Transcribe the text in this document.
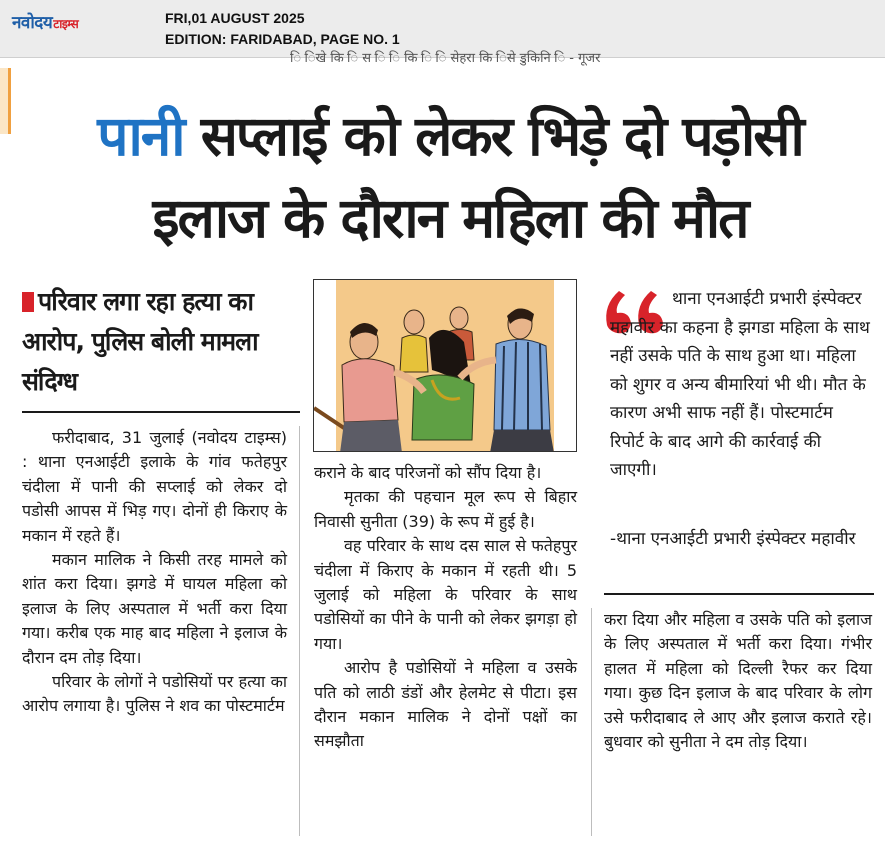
नवोदयटाइम्स	FRI,01 AUGUST 2025
EDITION: FARIDABAD, PAGE NO. 1
ि िखे कि ि स ि ि कि ि ि सेहरा कि िसे डुकिनि ि - गूजर
पानी सप्लाई को लेकर भिड़े दो पड़ोसी
इलाज के दौरान महिला की मौत
परिवार लगा रहा हत्या का आरोप, पुलिस बोली मामला संदिग्ध
थाना एनआईटी प्रभारी इंस्पेक्टर महावीर का कहना है झगडा महिला के साथ नहीं उसके पति के साथ हुआ था। महिला को शुगर व अन्य बीमारियां भी थी। मौत के कारण अभी साफ नहीं हैं। पोस्टमार्टम रिपोर्ट के बाद आगे की कार्रवाई की जाएगी।
-थाना एनआईटी प्रभारी इंस्पेक्टर महावीर

फरीदाबाद, 31 जुलाई (नवोदय टाइम्स) : थाना एनआईटी इलाके के गांव फतेहपुर चंदीला में पानी की सप्लाई को लेकर दो पडोसी आपस में भिड़ गए। दोनों ही किराए के मकान में रहते हैं।

मकान मालिक ने किसी तरह मामले को शांत करा दिया। झगडे में घायल महिला को इलाज के लिए अस्पताल में भर्ती करा दिया गया। करीब एक माह बाद महिला ने इलाज के दौरान दम तोड़ दिया।

परिवार के लोगों ने पडोसियों पर हत्या का आरोप लगाया है। पुलिस ने शव का पोस्टमार्टम

कराने के बाद परिजनों को सौंप दिया है।

मृतका की पहचान मूल रूप से बिहार निवासी सुनीता (39) के रूप में हुई है।

वह परिवार के साथ दस साल से फतेहपुर चंदीला में किराए के मकान में रहती थी। 5 जुलाई को महिला के परिवार के साथ पडोसियों का पीने के पानी को लेकर झगड़ा हो गया।

आरोप है पडोसियों ने महिला व उसके पति को लाठी डंडों और हेलमेट से पीटा। इस दौरान मकान मालिक ने दोनों पक्षों का समझौता

करा दिया और महिला व उसके पति को इलाज के लिए अस्पताल में भर्ती करा दिया। गंभीर हालत में महिला को दिल्ली रैफर कर दिया गया। कुछ दिन इलाज के बाद परिवार के लोग उसे फरीदाबाद ले आए और इलाज कराते रहे। बुधवार को सुनीता ने दम तोड़ दिया।
